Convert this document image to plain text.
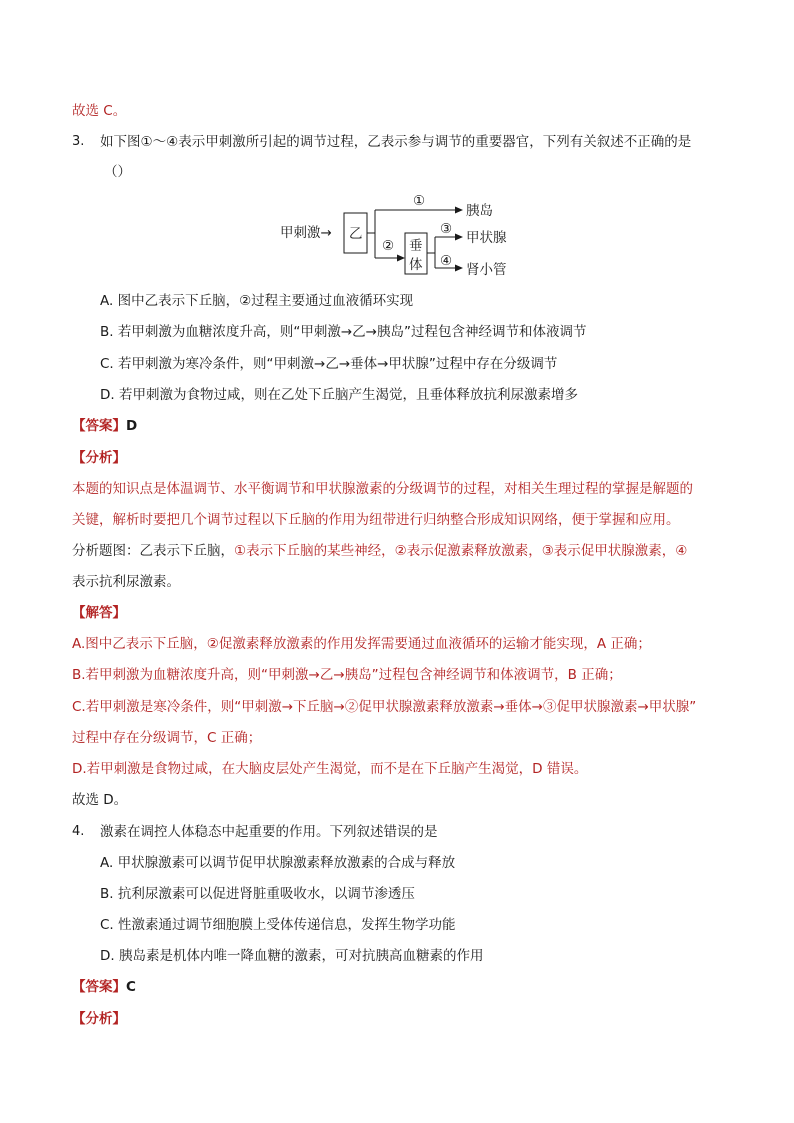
故选 C。
3. 如下图①～④表示甲刺激所引起的调节过程，乙表示参与调节的重要器官，下列有关叙述不正确的是
（）
甲刺激→ 乙
①
胰岛
② 垂
体
③
甲状腺
④
肾小管
A. 图中乙表示下丘脑，②过程主要通过血液循环实现
B. 若甲刺激为血糖浓度升高，则“甲刺激→乙→胰岛”过程包含神经调节和体液调节
C. 若甲刺激为寒冷条件，则“甲刺激→乙→垂体→甲状腺”过程中存在分级调节
D. 若甲刺激为食物过咸，则在乙处下丘脑产生渴觉，且垂体释放抗利尿激素增多
【答案】D
【分析】
本题的知识点是体温调节、水平衡调节和甲状腺激素的分级调节的过程，对相关生理过程的掌握是解题的
关键，解析时要把几个调节过程以下丘脑的作用为纽带进行归纳整合形成知识网络，便于掌握和应用。
分析题图：乙表示下丘脑，①表示下丘脑的某些神经，②表示促激素释放激素，③表示促甲状腺激素，④
表示抗利尿激素。
【解答】
A.图中乙表示下丘脑，②促激素释放激素的作用发挥需要通过血液循环的运输才能实现，A 正确；
B.若甲刺激为血糖浓度升高，则“甲刺激→乙→胰岛”过程包含神经调节和体液调节，B 正确；
C.若甲刺激是寒冷条件，则“甲刺激→下丘脑→②促甲状腺激素释放激素→垂体→③促甲状腺激素→甲状腺”
过程中存在分级调节，C 正确；
D.若甲刺激是食物过咸，在大脑皮层处产生渴觉，而不是在下丘脑产生渴觉，D 错误。
故选 D。
4. 激素在调控人体稳态中起重要的作用。下列叙述错误的是
A. 甲状腺激素可以调节促甲状腺激素释放激素的合成与释放
B. 抗利尿激素可以促进肾脏重吸收水，以调节渗透压
C. 性激素通过调节细胞膜上受体传递信息，发挥生物学功能
D. 胰岛素是机体内唯一降血糖的激素，可对抗胰高血糖素的作用
【答案】C
【分析】
